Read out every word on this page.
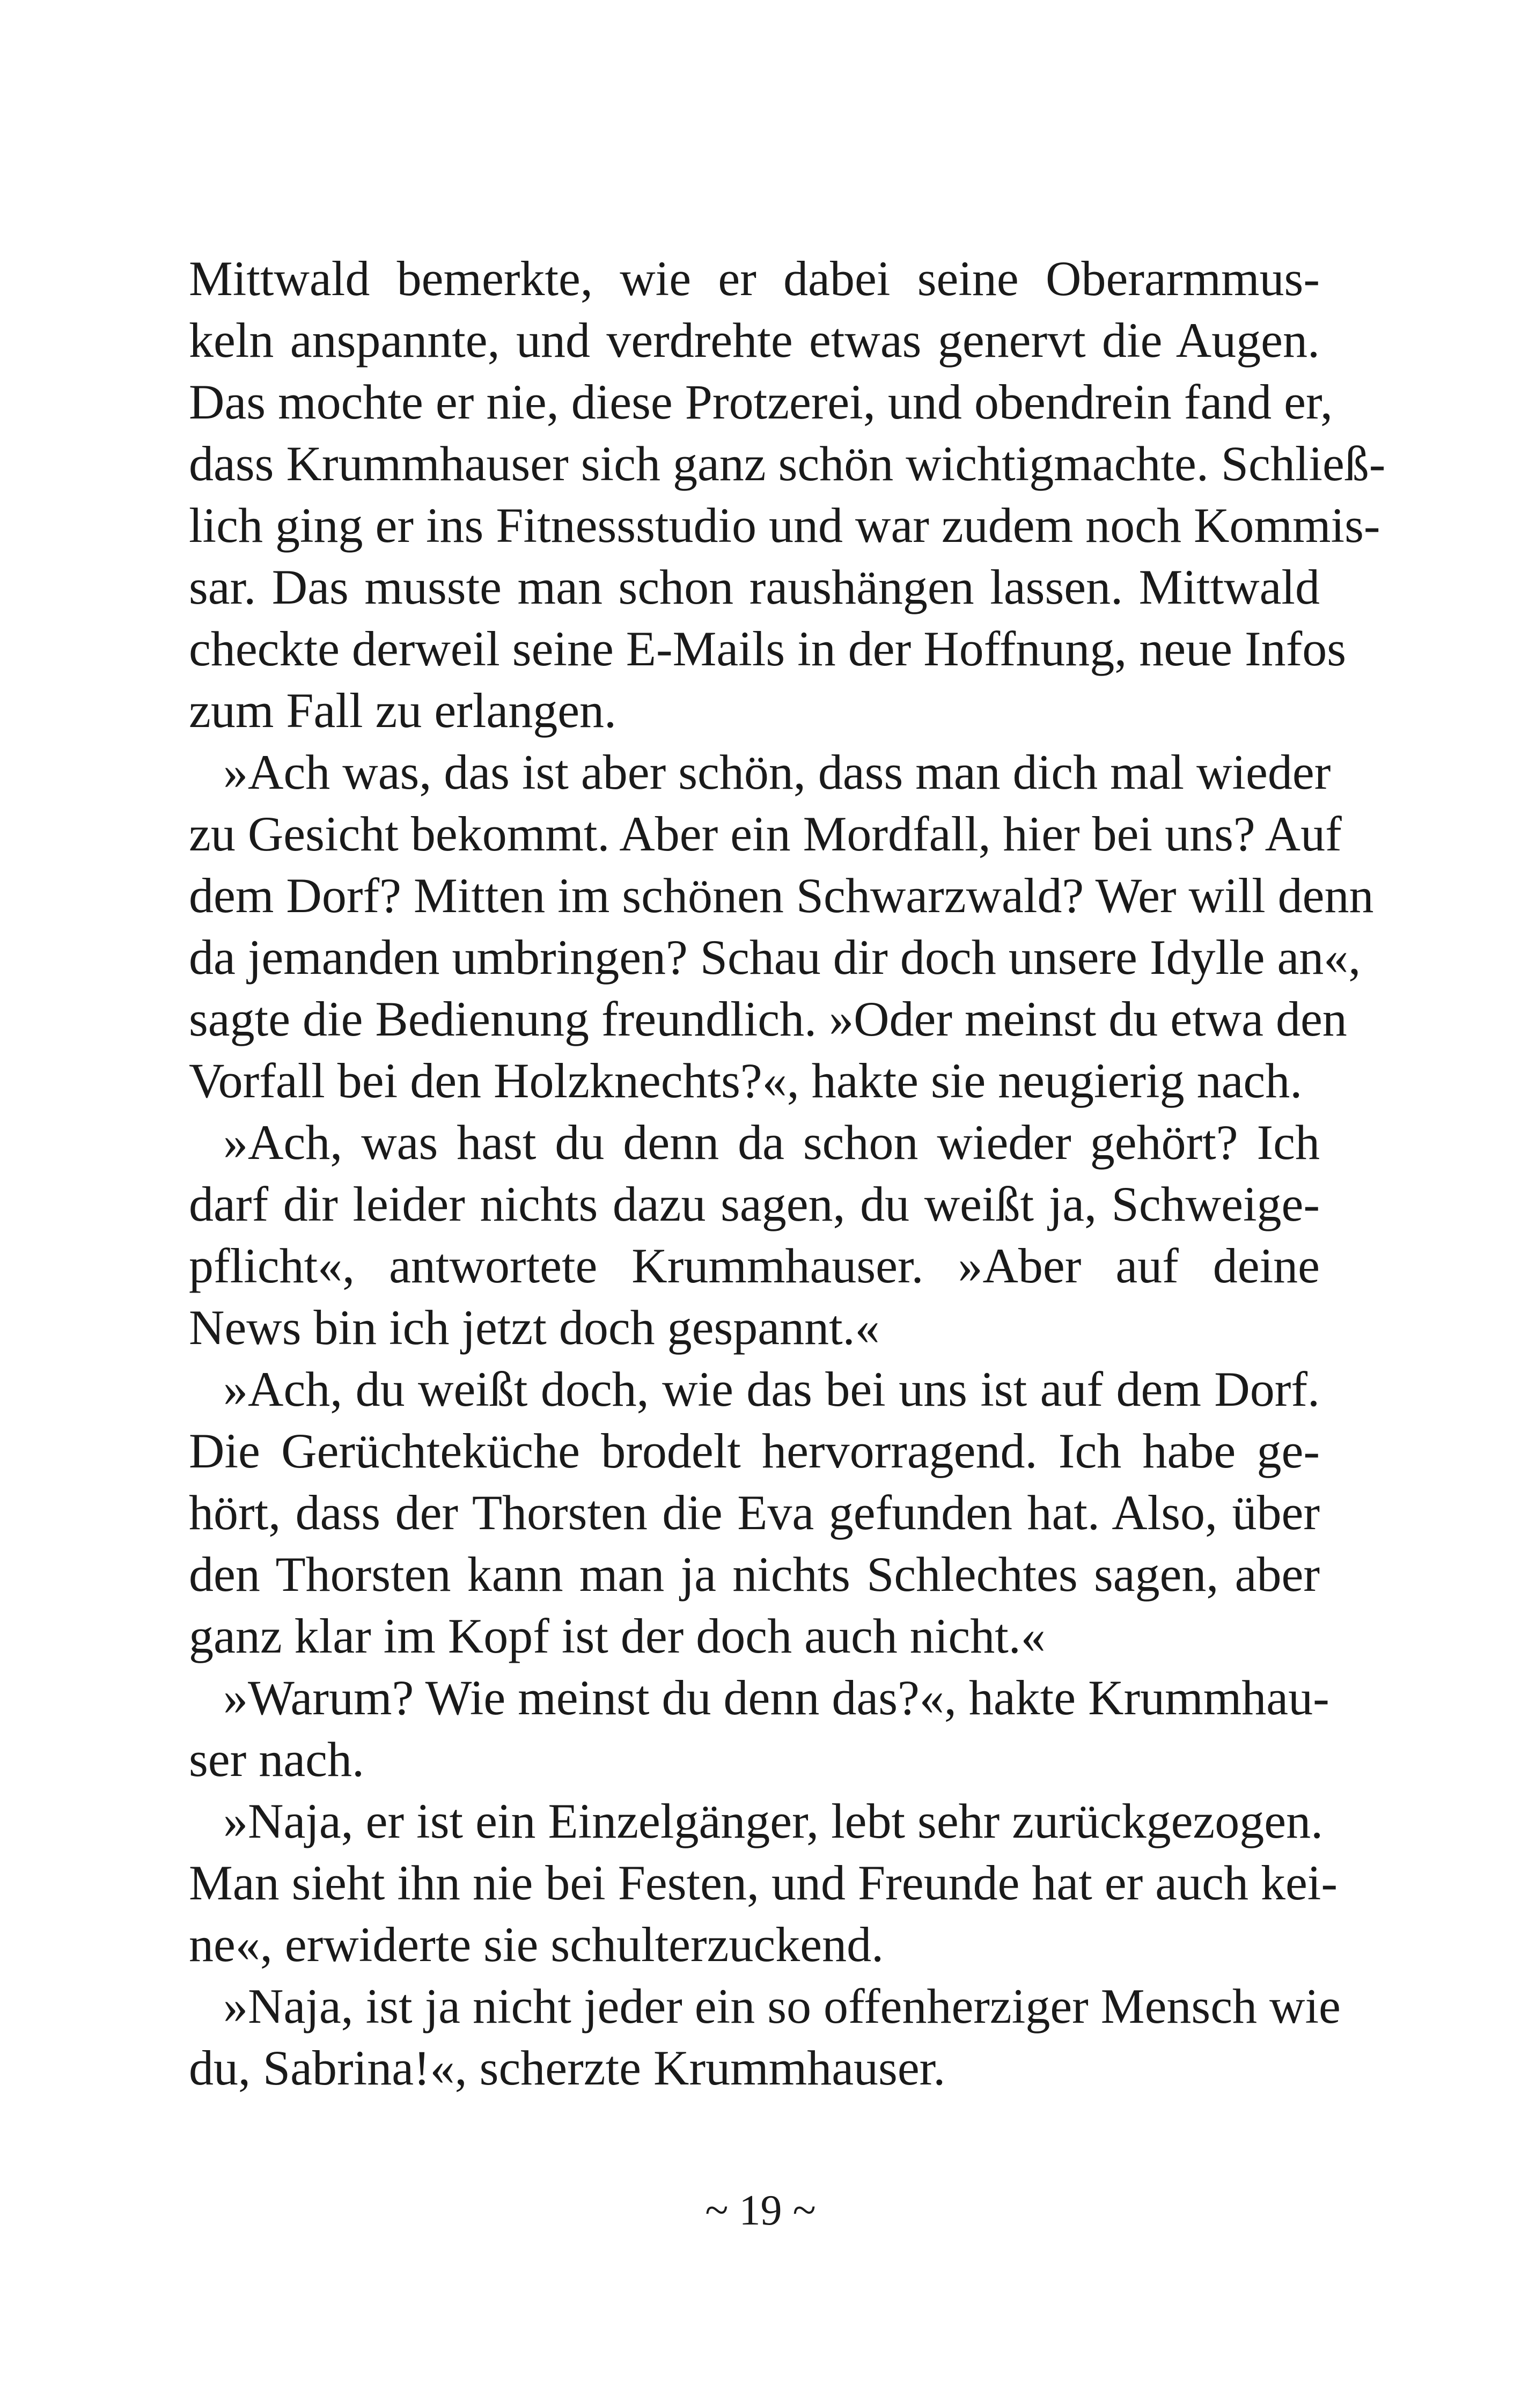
Mittwald bemerkte, wie er dabei seine Oberarmmus-
keln anspannte, und verdrehte etwas genervt die Augen.
Das mochte er nie, diese Protzerei, und obendrein fand er,
dass Krummhauser sich ganz schön wichtigmachte. Schließ-
lich ging er ins Fitnessstudio und war zudem noch Kommis-
sar. Das musste man schon raushängen lassen. Mittwald
checkte derweil seine E-Mails in der Hoffnung, neue Infos
zum Fall zu erlangen.
»Ach was, das ist aber schön, dass man dich mal wieder
zu Gesicht bekommt. Aber ein Mordfall, hier bei uns? Auf
dem Dorf? Mitten im schönen Schwarzwald? Wer will denn
da jemanden umbringen? Schau dir doch unsere Idylle an«,
sagte die Bedienung freundlich. »Oder meinst du etwa den
Vorfall bei den Holzknechts?«, hakte sie neugierig nach.
»Ach, was hast du denn da schon wieder gehört? Ich
darf dir leider nichts dazu sagen, du weißt ja, Schweige-
pflicht«, antwortete Krummhauser. »Aber auf deine
News bin ich jetzt doch gespannt.«
»Ach, du weißt doch, wie das bei uns ist auf dem Dorf.
Die Gerüchteküche brodelt hervorragend. Ich habe ge-
hört, dass der Thorsten die Eva gefunden hat. Also, über
den Thorsten kann man ja nichts Schlechtes sagen, aber
ganz klar im Kopf ist der doch auch nicht.«
»Warum? Wie meinst du denn das?«, hakte Krummhau-
ser nach.
»Naja, er ist ein Einzelgänger, lebt sehr zurückgezogen.
Man sieht ihn nie bei Festen, und Freunde hat er auch kei-
ne«, erwiderte sie schulterzuckend.
»Naja, ist ja nicht jeder ein so offenherziger Mensch wie
du, Sabrina!«, scherzte Krummhauser.
~ 19 ~
